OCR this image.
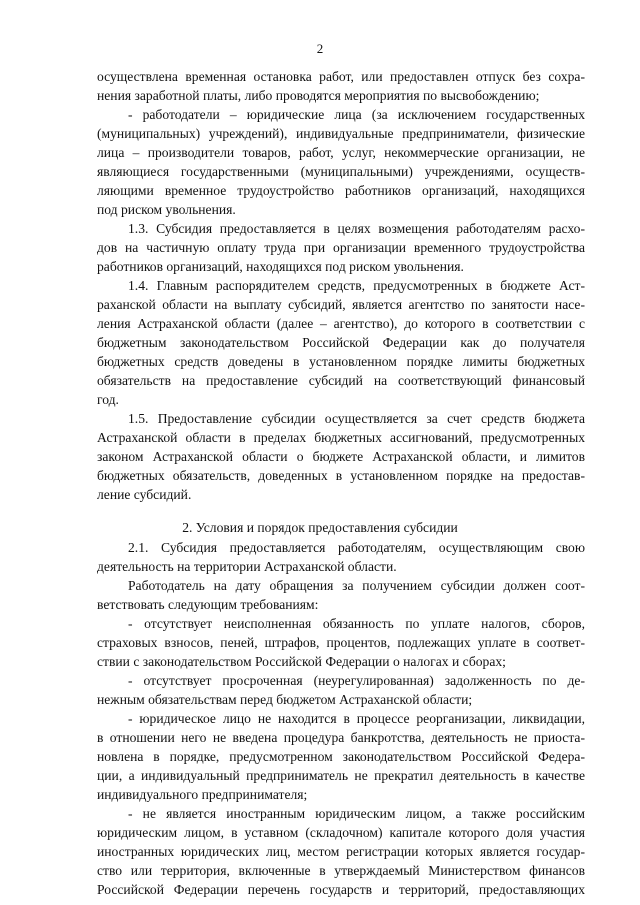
2
осуществлена временная остановка работ, или предоставлен отпуск без сохра-
нения заработной платы, либо проводятся мероприятия по высвобождению;
- работодатели – юридические лица (за исключением государственных
(муниципальных) учреждений), индивидуальные предприниматели, физические
лица – производители товаров, работ, услуг, некоммерческие организации, не
являющиеся государственными (муниципальными) учреждениями, осуществ-
ляющими временное трудоустройство работников организаций, находящихся
под риском увольнения.
1.3. Субсидия предоставляется в целях возмещения работодателям расхо-
дов на частичную оплату труда при организации временного трудоустройства
работников организаций, находящихся под риском увольнения.
1.4. Главным распорядителем средств, предусмотренных в бюджете Аст-
раханской области на выплату субсидий, является агентство по занятости насе-
ления Астраханской области (далее – агентство), до которого в соответствии с
бюджетным законодательством Российской Федерации как до получателя
бюджетных средств доведены в установленном порядке лимиты бюджетных
обязательств на предоставление субсидий на соответствующий финансовый
год.
1.5. Предоставление субсидии осуществляется за счет средств бюджета
Астраханской области в пределах бюджетных ассигнований, предусмотренных
законом Астраханской области о бюджете Астраханской области, и лимитов
бюджетных обязательств, доведенных в установленном порядке на предостав-
ление субсидий.
2. Условия и порядок предоставления субсидии
2.1. Субсидия предоставляется работодателям, осуществляющим свою
деятельность на территории Астраханской области.
Работодатель на дату обращения за получением субсидии должен соот-
ветствовать следующим требованиям:
- отсутствует неисполненная обязанность по уплате налогов, сборов,
страховых взносов, пеней, штрафов, процентов, подлежащих уплате в соответ-
ствии с законодательством Российской Федерации о налогах и сборах;
- отсутствует просроченная (неурегулированная) задолженность по де-
нежным обязательствам перед бюджетом Астраханской области;
- юридическое лицо не находится в процессе реорганизации, ликвидации,
в отношении него не введена процедура банкротства, деятельность не приоста-
новлена в порядке, предусмотренном законодательством Российской Федера-
ции, а индивидуальный предприниматель не прекратил деятельность в качестве
индивидуального предпринимателя;
- не является иностранным юридическим лицом, а также российским
юридическим лицом, в уставном (складочном) капитале которого доля участия
иностранных юридических лиц, местом регистрации которых является государ-
ство или территория, включенные в утверждаемый Министерством финансов
Российской Федерации перечень государств и территорий, предоставляющих
